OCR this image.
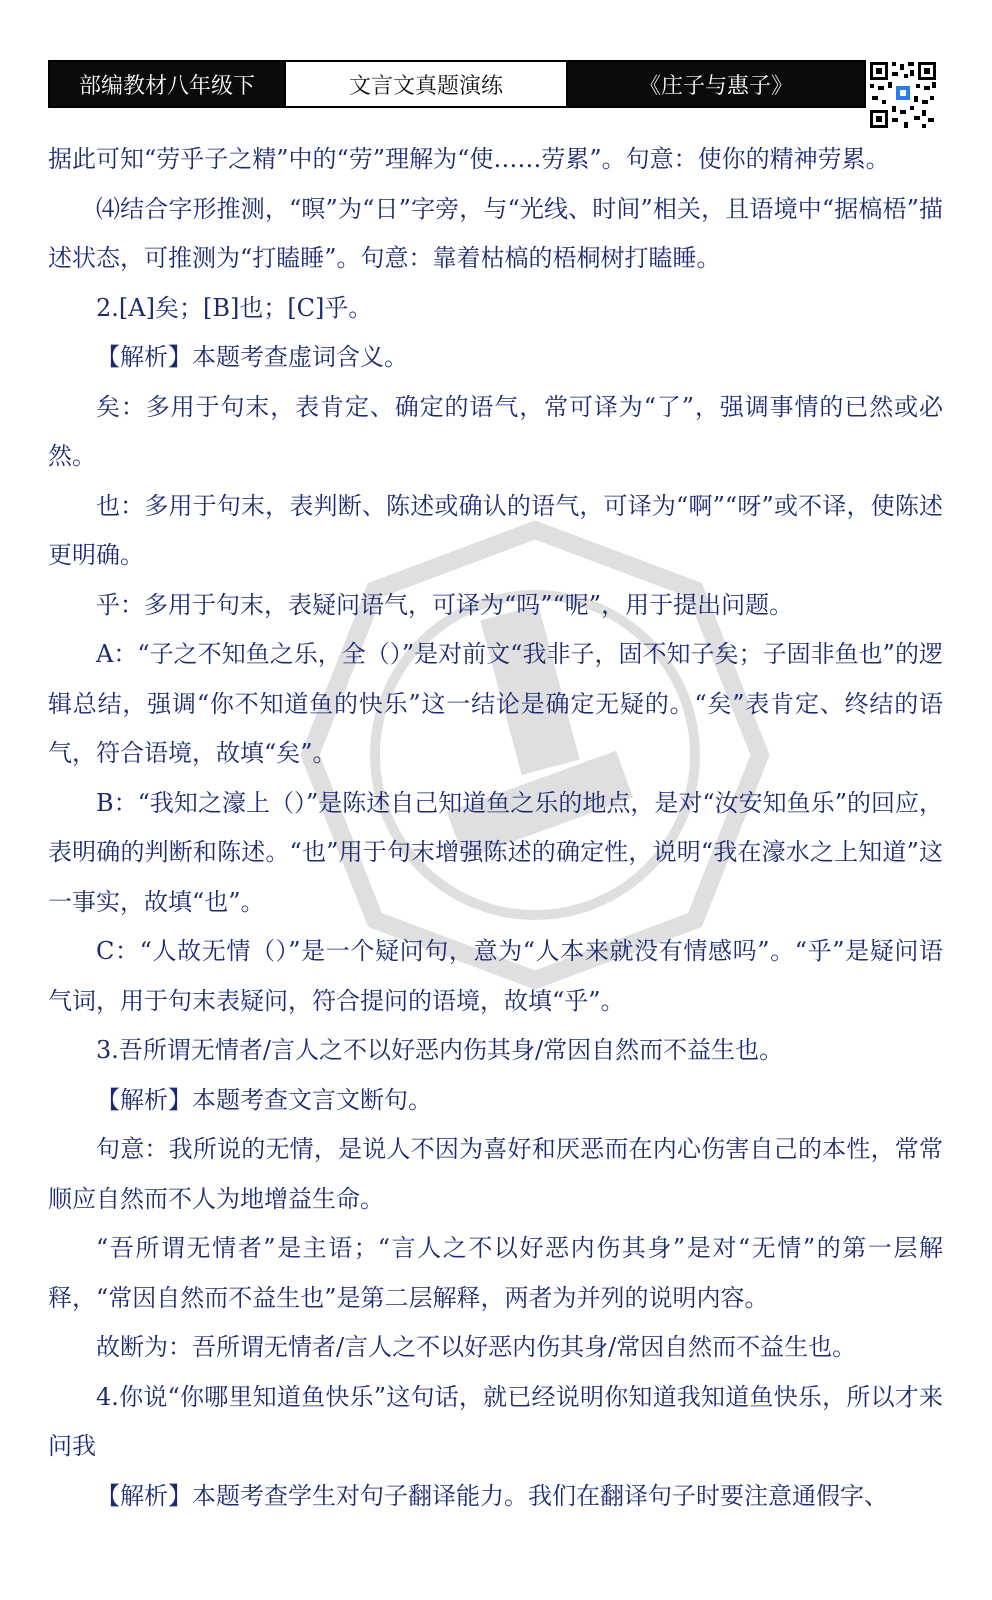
部编教材八年级下	文言文真题演练	《庄子与惠子》

据此可知“劳乎子之精”中的“劳”理解为“使……劳累”。句意：使你的精神劳累。

⑷结合字形推测，“暝”为“日”字旁，与“光线、时间”相关，且语境中“据槁梧”描述状态，可推测为“打瞌睡”。句意：靠着枯槁的梧桐树打瞌睡。

2.[A]矣；[B]也；[C]乎。

【解析】本题考查虚词含义。

矣：多用于句末，表肯定、确定的语气，常可译为“了”，强调事情的已然或必然。

也：多用于句末，表判断、陈述或确认的语气，可译为“啊”“呀”或不译，使陈述更明确。

乎：多用于句末，表疑问语气，可译为“吗”“呢”，用于提出问题。

A：“子之不知鱼之乐，全（）”是对前文“我非子，固不知子矣；子固非鱼也”的逻辑总结，强调“你不知道鱼的快乐”这一结论是确定无疑的。“矣”表肯定、终结的语气，符合语境，故填“矣”。

B：“我知之濠上（）”是陈述自己知道鱼之乐的地点，是对“汝安知鱼乐”的回应，表明确的判断和陈述。“也”用于句末增强陈述的确定性，说明“我在濠水之上知道”这一事实，故填“也”。

C：“人故无情（）”是一个疑问句，意为“人本来就没有情感吗”。“乎”是疑问语气词，用于句末表疑问，符合提问的语境，故填“乎”。

3.吾所谓无情者/言人之不以好恶内伤其身/常因自然而不益生也。

【解析】本题考查文言文断句。

句意：我所说的无情，是说人不因为喜好和厌恶而在内心伤害自己的本性，常常顺应自然而不人为地增益生命。

“吾所谓无情者”是主语；“言人之不以好恶内伤其身”是对“无情”的第一层解释，“常因自然而不益生也”是第二层解释，两者为并列的说明内容。

故断为：吾所谓无情者/言人之不以好恶内伤其身/常因自然而不益生也。

4.你说“你哪里知道鱼快乐”这句话，就已经说明你知道我知道鱼快乐，所以才来问我

【解析】本题考查学生对句子翻译能力。我们在翻译句子时要注意通假字、
